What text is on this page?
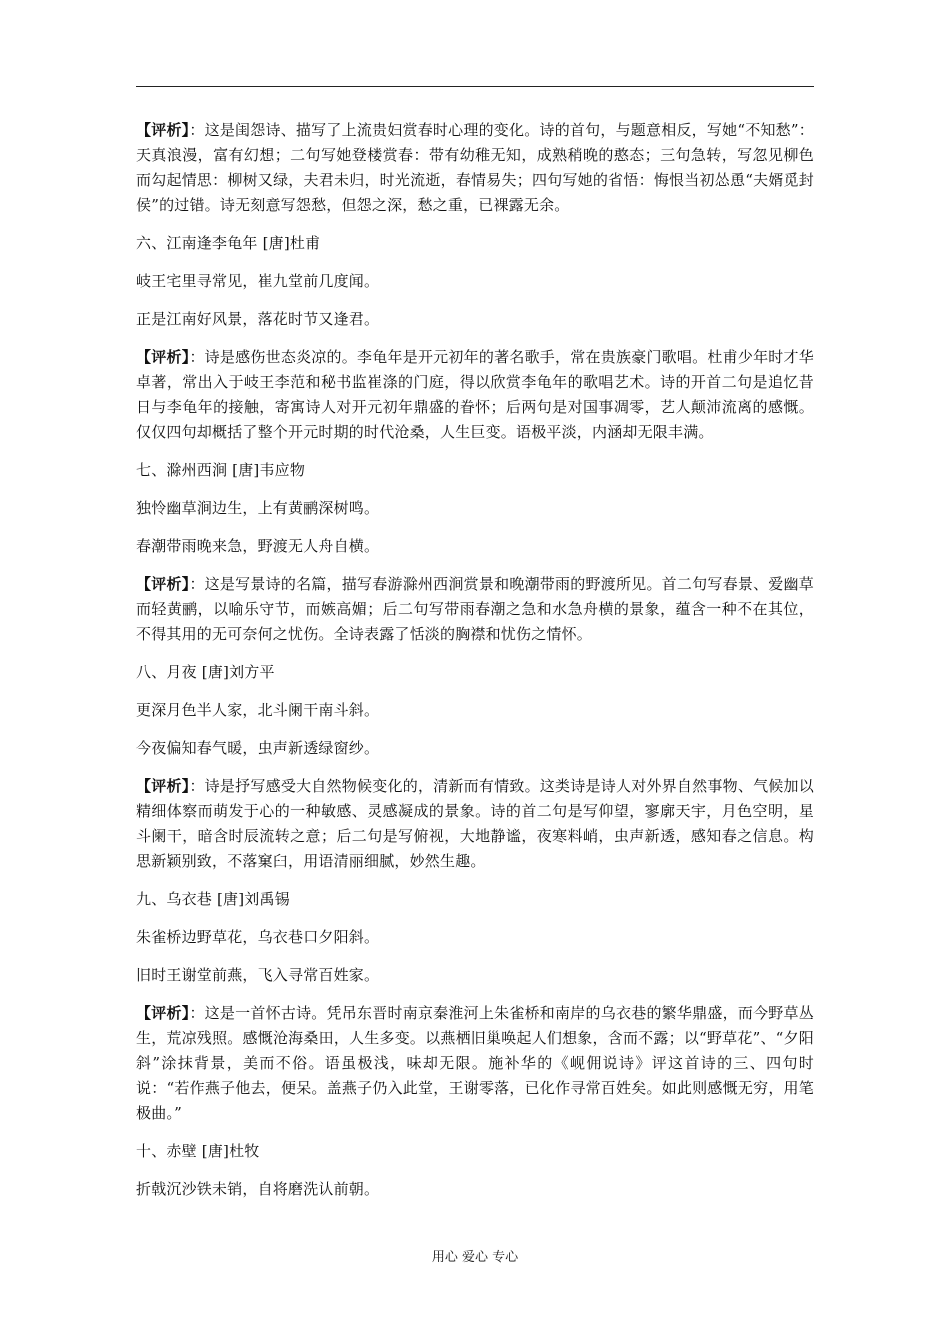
【评析】：这是闺怨诗、描写了上流贵妇赏春时心理的变化。诗的首句，与题意相反，写她“不知愁”：天真浪漫，富有幻想；二句写她登楼赏春：带有幼稚无知，成熟稍晚的憨态；三句急转，写忽见柳色而勾起情思：柳树又绿，夫君未归，时光流逝，春情易失；四句写她的省悟：悔恨当初怂恿“夫婿觅封侯”的过错。诗无刻意写怨愁，但怨之深，愁之重，已裸露无余。

六、江南逢李龟年 [唐]杜甫

岐王宅里寻常见，崔九堂前几度闻。

正是江南好风景，落花时节又逢君。

【评析】：诗是感伤世态炎凉的。李龟年是开元初年的著名歌手，常在贵族豪门歌唱。杜甫少年时才华卓著，常出入于岐王李范和秘书监崔涤的门庭，得以欣赏李龟年的歌唱艺术。诗的开首二句是追忆昔日与李龟年的接触，寄寓诗人对开元初年鼎盛的眷怀；后两句是对国事凋零，艺人颠沛流离的感慨。仅仅四句却概括了整个开元时期的时代沧桑，人生巨变。语极平淡，内涵却无限丰满。

七、滁州西涧 [唐]韦应物

独怜幽草涧边生，上有黄鹂深树鸣。

春潮带雨晚来急，野渡无人舟自横。

【评析】：这是写景诗的名篇，描写春游滁州西涧赏景和晚潮带雨的野渡所见。首二句写春景、爱幽草而轻黄鹂，以喻乐守节，而嫉高媚；后二句写带雨春潮之急和水急舟横的景象，蕴含一种不在其位，不得其用的无可奈何之忧伤。全诗表露了恬淡的胸襟和忧伤之情怀。

八、月夜 [唐]刘方平

更深月色半人家，北斗阑干南斗斜。

今夜偏知春气暖，虫声新透绿窗纱。

【评析】：诗是抒写感受大自然物候变化的，清新而有情致。这类诗是诗人对外界自然事物、气候加以精细体察而萌发于心的一种敏感、灵感凝成的景象。诗的首二句是写仰望，寥廓天宇，月色空明，星斗阑干，暗含时辰流转之意；后二句是写俯视，大地静谧，夜寒料峭，虫声新透，感知春之信息。构思新颖别致，不落窠臼，用语清丽细腻，妙然生趣。

九、乌衣巷 [唐]刘禹锡

朱雀桥边野草花，乌衣巷口夕阳斜。

旧时王谢堂前燕，飞入寻常百姓家。

【评析】：这是一首怀古诗。凭吊东晋时南京秦淮河上朱雀桥和南岸的乌衣巷的繁华鼎盛，而今野草丛生，荒凉残照。感慨沧海桑田，人生多变。以燕栖旧巢唤起人们想象，含而不露；以“野草花”、“夕阳斜”涂抹背景，美而不俗。语虽极浅，味却无限。施补华的《岘佣说诗》评这首诗的三、四句时说：“若作燕子他去，便呆。盖燕子仍入此堂，王谢零落，已化作寻常百姓矣。如此则感慨无穷，用笔极曲。”

十、赤壁 [唐]杜牧

折戟沉沙铁未销，自将磨洗认前朝。

用心 爱心 专心
